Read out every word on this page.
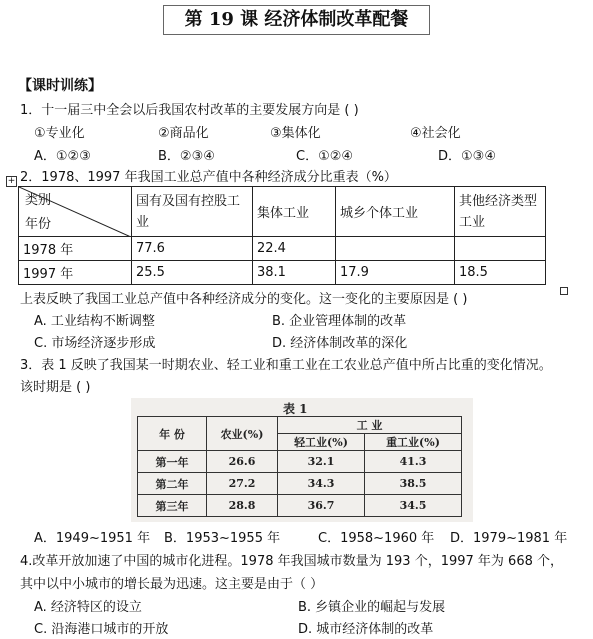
第 19 课 经济体制改革配餐
【课时训练】
1．十一届三中全会以后我国农村改革的主要发展方向是 ( )
①专业化	②商品化	③集体化	④社会化
A．①②③	B．②③④	C．①②④	D．①③④
+ 2．1978、1997 年我国工业总产值中各种经济成分比重表（%）
类别
年份	国有及国有控股工业	集体工业	城乡个体工业	其他经济类型工业
1978 年	77.6	22.4		
1997 年	25.5	38.1	17.9	18.5
上表反映了我国工业总产值中各种经济成分的变化。这一变化的主要原因是 ( )
A. 工业结构不断调整	B. 企业管理体制的改革
C. 市场经济逐步形成	D. 经济体制改革的深化
3．表 1 反映了我国某一时期农业、轻工业和重工业在工农业总产值中所占比重的变化情况。
该时期是 ( )
表 1
年 份	农业(%)	工 业	
		轻工业(%)	重工业(%)
第一年	26.6	32.1	41.3
第二年	27.2	34.3	38.5
第三年	28.8	36.7	34.5
A．1949~1951 年 B．1953~1955 年	C．1958~1960 年 D．1979~1981 年
4.改革开放加速了中国的城市化进程。1978 年我国城市数量为 193 个，1997 年为 668 个，
其中以中小城市的增长最为迅速。这主要是由于（ ）
A. 经济特区的设立	B. 乡镇企业的崛起与发展
C. 沿海港口城市的开放	D. 城市经济体制的改革
